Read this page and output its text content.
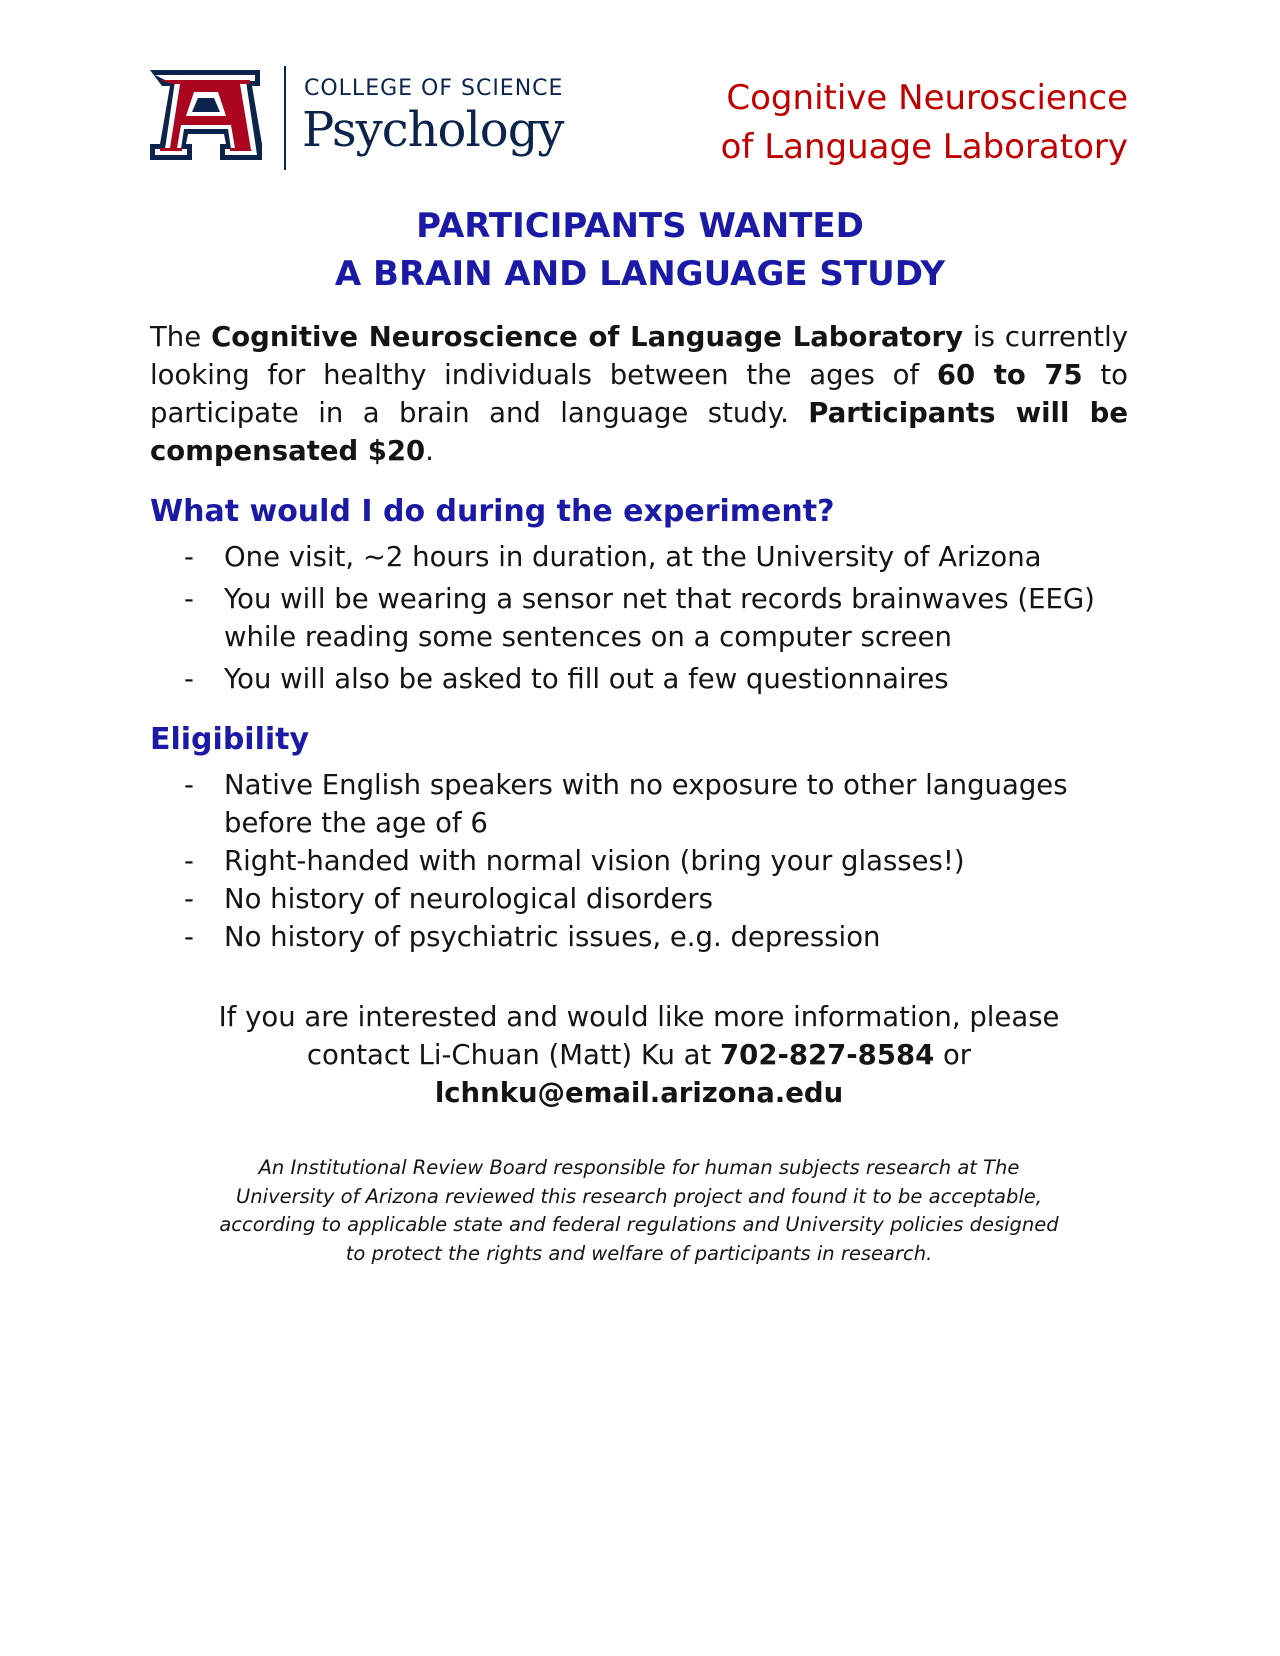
COLLEGE OF SCIENCE
Psychology
Cognitive Neuroscience
of Language Laboratory
PARTICIPANTS WANTED
A BRAIN AND LANGUAGE STUDY
The Cognitive Neuroscience of Language Laboratory is currently looking for healthy individuals between the ages of 60 to 75 to participate in a brain and language study. Participants will be compensated $20.
What would I do during the experiment?
- One visit, ~2 hours in duration, at the University of Arizona
- You will be wearing a sensor net that records brainwaves (EEG) while reading some sentences on a computer screen
- You will also be asked to fill out a few questionnaires
Eligibility
- Native English speakers with no exposure to other languages before the age of 6
- Right-handed with normal vision (bring your glasses!)
- No history of neurological disorders
- No history of psychiatric issues, e.g. depression
If you are interested and would like more information, please
contact Li-Chuan (Matt) Ku at 702-827-8584 or
lchnku@email.arizona.edu
An Institutional Review Board responsible for human subjects research at The
University of Arizona reviewed this research project and found it to be acceptable,
according to applicable state and federal regulations and University policies designed
to protect the rights and welfare of participants in research.
